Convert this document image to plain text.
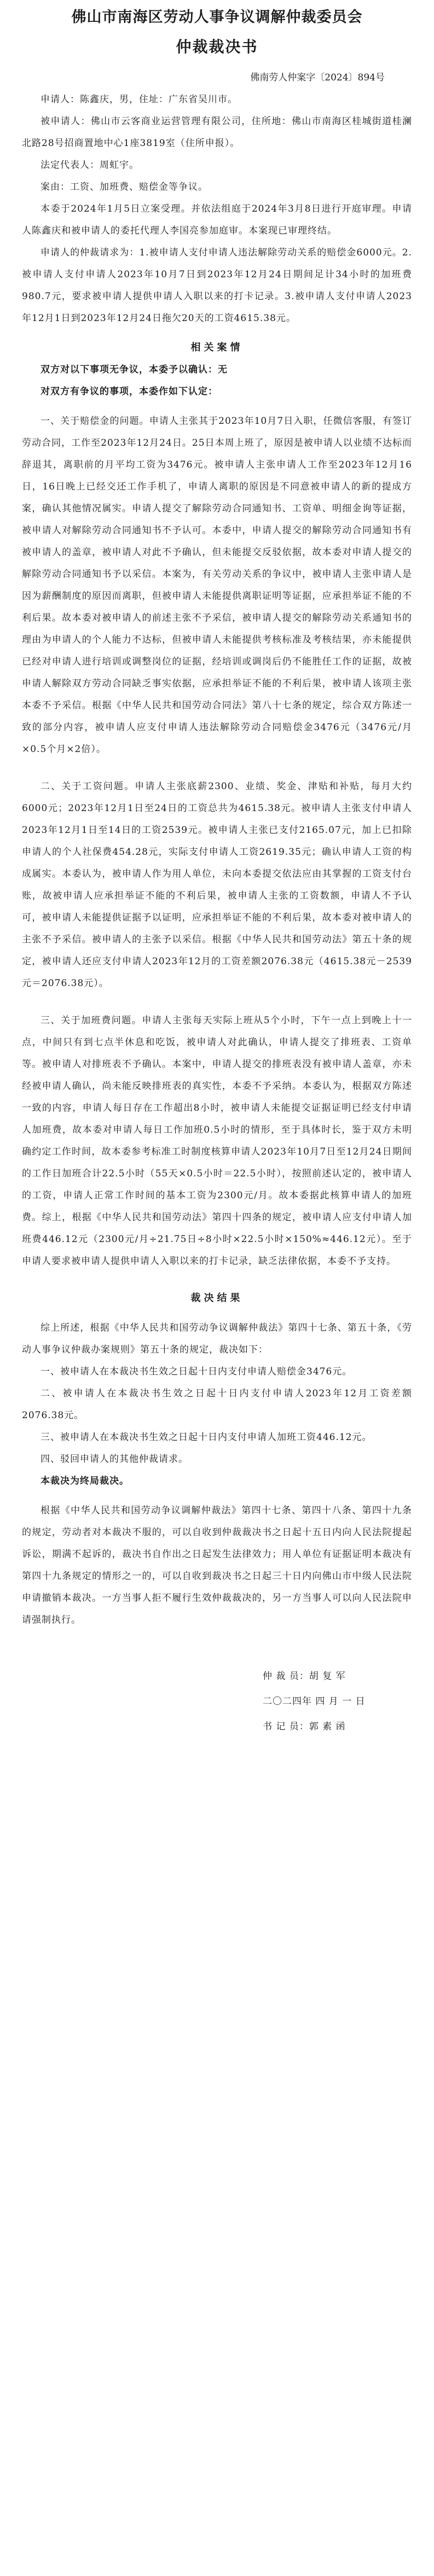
佛山市南海区劳动人事争议调解仲裁委员会
仲裁裁决书
佛南劳人仲案字〔2024〕894号

申请人：陈鑫庆，男，住址：广东省吴川市。

被申请人：佛山市云客商业运营管理有限公司，住所地：佛山市南海区桂城街道桂澜北路28号招商置地中心1座3819室（住所申报）。

法定代表人：周虹宇。

案由：工资、加班费、赔偿金等争议。

本委于2024年1月5日立案受理。并依法组庭于2024年3月8日进行开庭审理。申请人陈鑫庆和被申请人的委托代理人李国亮参加庭审。本案现已审理终结。

申请人的仲裁请求为：1.被申请人支付申请人违法解除劳动关系的赔偿金6000元。2.被申请人支付申请人2023年10月7日到2023年12月24日期间足计34小时的加班费980.7元，要求被申请人提供申请人入职以来的打卡记录。3.被申请人支付申请人2023年12月1日到2023年12月24日拖欠20天的工资4615.38元。

相关案情

双方对以下事项无争议，本委予以确认：无

对双方有争议的事项，本委作如下认定：

一、关于赔偿金的问题。申请人主张其于2023年10月7日入职，任微信客服，有签订劳动合同，工作至2023年12月24日。25日本周上班了，原因是被申请人以业绩不达标而辞退其，离职前的月平均工资为3476元。被申请人主张申请人工作至2023年12月16日，16日晚上已经交还工作手机了，申请人离职的原因是不同意被申请人的新的提成方案，确认其他情况属实。申请人提交了解除劳动合同通知书、工资单、明细金询等证据，被申请人对解除劳动合同通知书不予认可。本委中，申请人提交的解除劳动合同通知书有被申请人的盖章，被申请人对此不予确认，但未能提交反驳依据，故本委对申请人提交的解除劳动合同通知书予以采信。本案为，有关劳动关系的争议中，被申请人主张申请人是因为薪酬制度的原因而离职，但被申请人未能提供离职证明等证据，应承担举证不能的不利后果。故本委对被申请人的前述主张不予采信，被申请人提交的解除劳动关系通知书的理由为申请人的个人能力不达标，但被申请人未能提供考核标准及考核结果，亦未能提供已经对申请人进行培训或调整岗位的证据，经培训或调岗后仍不能胜任工作的证据，故被申请人解除双方劳动合同缺乏事实依据，应承担举证不能的不利后果，被申请人该项主张本委不予采信。根据《中华人民共和国劳动合同法》第八十七条的规定，综合双方陈述一致的部分内容，被申请人应支付申请人违法解除劳动合同赔偿金3476元（3476元/月×0.5个月×2倍）。

二、关于工资问题。申请人主张底薪2300、业绩、奖金、津贴和补贴，每月大约6000元；2023年12月1日至24日的工资总共为4615.38元。被申请人主张支付申请人2023年12月1日至14日的工资2539元。被申请人主张已支付2165.07元，加上已扣除申请人的个人社保费454.28元，实际支付申请人工资2619.35元；确认申请人工资的构成属实。本委认为，被申请人作为用人单位，未向本委提交依法应由其掌握的工资支付台账，故被申请人应承担举证不能的不利后果，被申请人主张的工资数额，申请人不予认可，被申请人未能提供证据予以证明，应承担举证不能的不利后果，故本委对被申请人的主张不予采信。被申请人的主张予以采信。根据《中华人民共和国劳动法》第五十条的规定，被申请人还应支付申请人2023年12月的工资差额2076.38元（4615.38元－2539元＝2076.38元）。

三、关于加班费问题。申请人主张每天实际上班从5个小时，下午一点上到晚上十一点，中间只有到七点半休息和吃饭，被申请人对此确认，申请人提交了排班表、工资单等。被申请人对排班表不予确认。本案中，申请人提交的排班表没有被申请人盖章，亦未经被申请人确认，尚未能反映排班表的真实性，本委不予采纳。本委认为，根据双方陈述一致的内容，申请人每日存在工作超出8小时，被申请人未能提交证据证明已经支付申请人加班费，故本委对申请人每日工作加班0.5小时的情形，至于具体时长，鉴于双方未明确约定工作时间，故本委参考标准工时制度核算申请人2023年10月7日至12月24日期间的工作日加班合计22.5小时（55天×0.5小时＝22.5小时），按照前述认定的，被申请人的工资，申请人正常工作时间的基本工资为2300元/月。故本委据此核算申请人的加班费。综上，根据《中华人民共和国劳动法》第四十四条的规定，被申请人应支付申请人加班费446.12元（2300元/月÷21.75日÷8小时×22.5小时×150%≈446.12元）。至于申请人要求被申请人提供申请人入职以来的打卡记录，缺乏法律依据，本委不予支持。

裁决结果

综上所述，根据《中华人民共和国劳动争议调解仲裁法》第四十七条、第五十条，《劳动人事争议仲裁办案规则》第五十条的规定，裁决如下：

一、被申请人在本裁决书生效之日起十日内支付申请人赔偿金3476元。

二、被申请人在本裁决书生效之日起十日内支付申请人2023年12月工资差额2076.38元。

三、被申请人在本裁决书生效之日起十日内支付申请人加班工资446.12元。

四、驳回申请人的其他仲裁请求。

本裁决为终局裁决。

根据《中华人民共和国劳动争议调解仲裁法》第四十七条、第四十八条、第四十九条的规定，劳动者对本裁决不服的，可以自收到仲裁裁决书之日起十五日内向人民法院提起诉讼，期满不起诉的，裁决书自作出之日起发生法律效力；用人单位有证据证明本裁决有第四十九条规定的情形之一的，可以自收到裁决书之日起三十日内向佛山市中级人民法院申请撤销本裁决。一方当事人拒不履行生效仲裁裁决的，另一方当事人可以向人民法院申请强制执行。

仲 裁 员：胡 复 军
二〇二四年 四 月 一 日
书 记 员：郭 素 函
